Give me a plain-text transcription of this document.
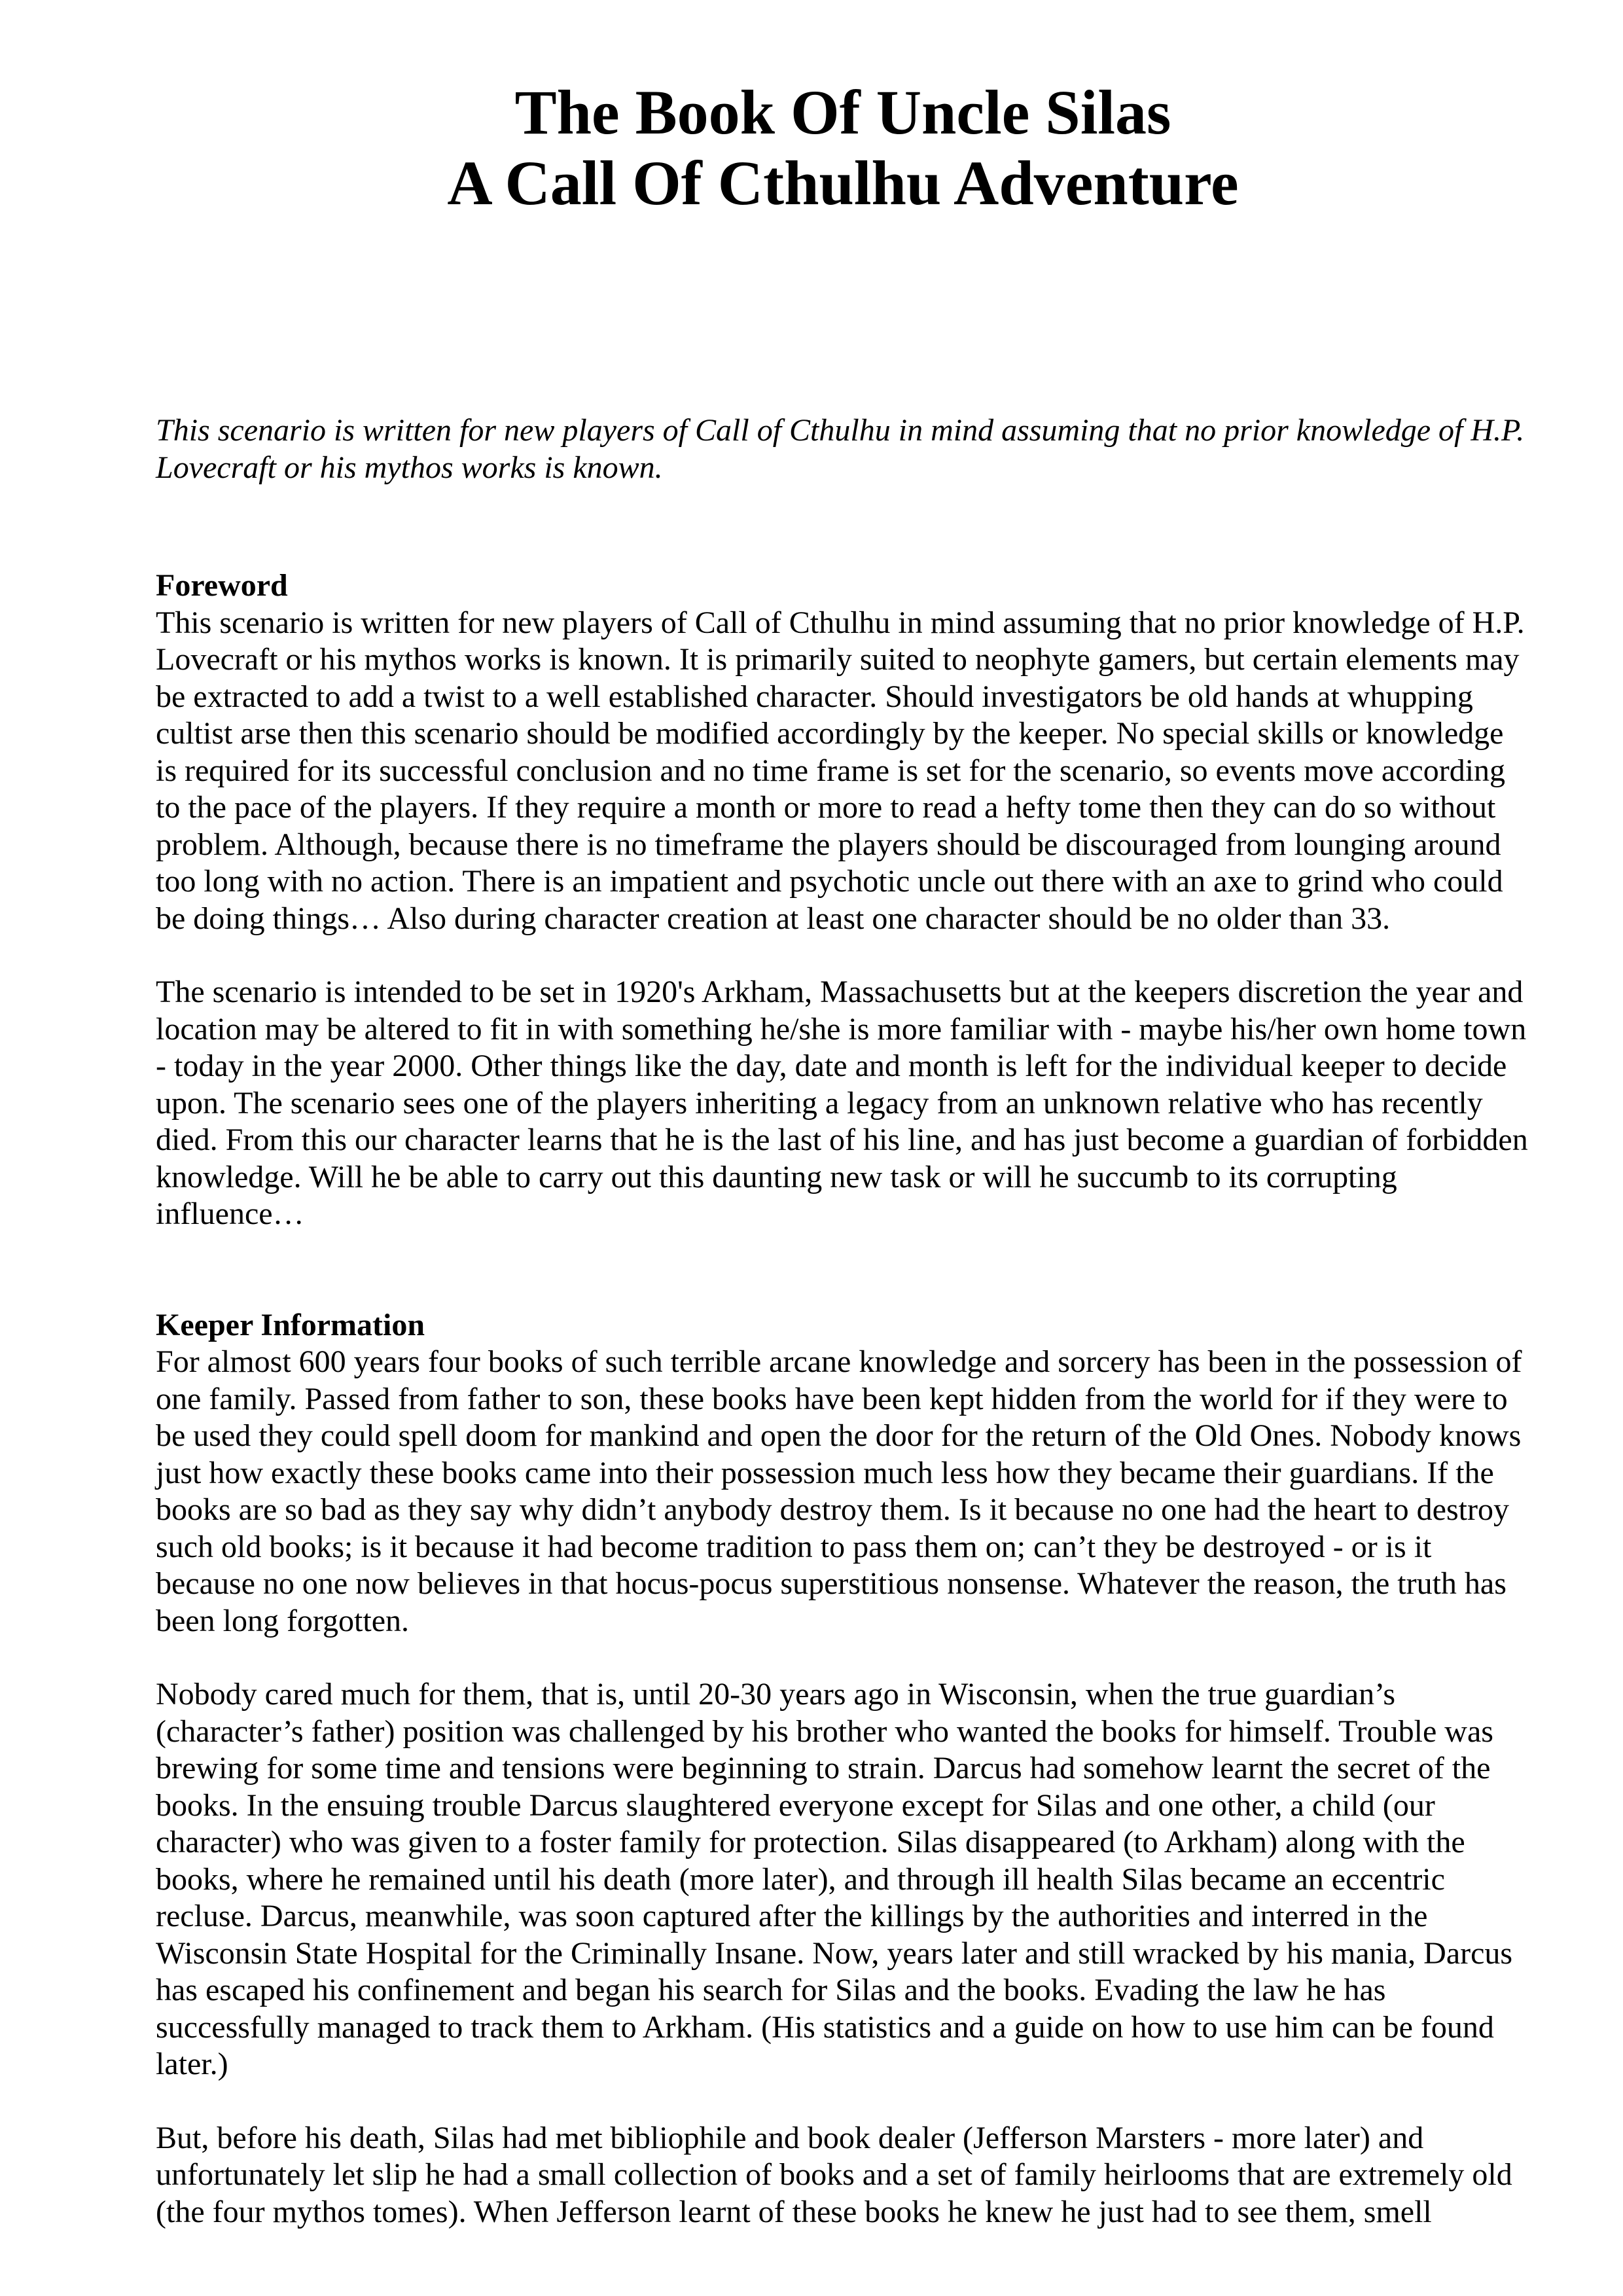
The Book Of Uncle Silas
A Call Of Cthulhu Adventure

This scenario is written for new players of Call of Cthulhu in mind assuming that no prior knowledge of H.P. Lovecraft or his mythos works is known.

Foreword

This scenario is written for new players of Call of Cthulhu in mind assuming that no prior knowledge of H.P. Lovecraft or his mythos works is known. It is primarily suited to neophyte gamers, but certain elements may be extracted to add a twist to a well established character. Should investigators be old hands at whupping cultist arse then this scenario should be modified accordingly by the keeper. No special skills or knowledge is required for its successful conclusion and no time frame is set for the scenario, so events move according to the pace of the players. If they require a month or more to read a hefty tome then they can do so without problem. Although, because there is no timeframe the players should be discouraged from lounging around too long with no action. There is an impatient and psychotic uncle out there with an axe to grind who could be doing things… Also during character creation at least one character should be no older than 33.

The scenario is intended to be set in 1920's Arkham, Massachusetts but at the keepers discretion the year and location may be altered to fit in with something he/she is more familiar with - maybe his/her own home town - today in the year 2000. Other things like the day, date and month is left for the individual keeper to decide upon. The scenario sees one of the players inheriting a legacy from an unknown relative who has recently died. From this our character learns that he is the last of his line, and has just become a guardian of forbidden knowledge. Will he be able to carry out this daunting new task or will he succumb to its corrupting influence…

Keeper Information

For almost 600 years four books of such terrible arcane knowledge and sorcery has been in the possession of one family. Passed from father to son, these books have been kept hidden from the world for if they were to be used they could spell doom for mankind and open the door for the return of the Old Ones. Nobody knows just how exactly these books came into their possession much less how they became their guardians. If the books are so bad as they say why didn’t anybody destroy them. Is it because no one had the heart to destroy such old books; is it because it had become tradition to pass them on; can’t they be destroyed - or is it because no one now believes in that hocus-pocus superstitious nonsense. Whatever the reason, the truth has been long forgotten.

Nobody cared much for them, that is, until 20-30 years ago in Wisconsin, when the true guardian’s (character’s father) position was challenged by his brother who wanted the books for himself. Trouble was brewing for some time and tensions were beginning to strain. Darcus had somehow learnt the secret of the books. In the ensuing trouble Darcus slaughtered everyone except for Silas and one other, a child (our character) who was given to a foster family for protection. Silas disappeared (to Arkham) along with the books, where he remained until his death (more later), and through ill health Silas became an eccentric recluse. Darcus, meanwhile, was soon captured after the killings by the authorities and interred in the Wisconsin State Hospital for the Criminally Insane. Now, years later and still wracked by his mania, Darcus has escaped his confinement and began his search for Silas and the books. Evading the law he has successfully managed to track them to Arkham. (His statistics and a guide on how to use him can be found later.)

But, before his death, Silas had met bibliophile and book dealer (Jefferson Marsters - more later) and unfortunately let slip he had a small collection of books and a set of family heirlooms that are extremely old (the four mythos tomes). When Jefferson learnt of these books he knew he just had to see them, smell
